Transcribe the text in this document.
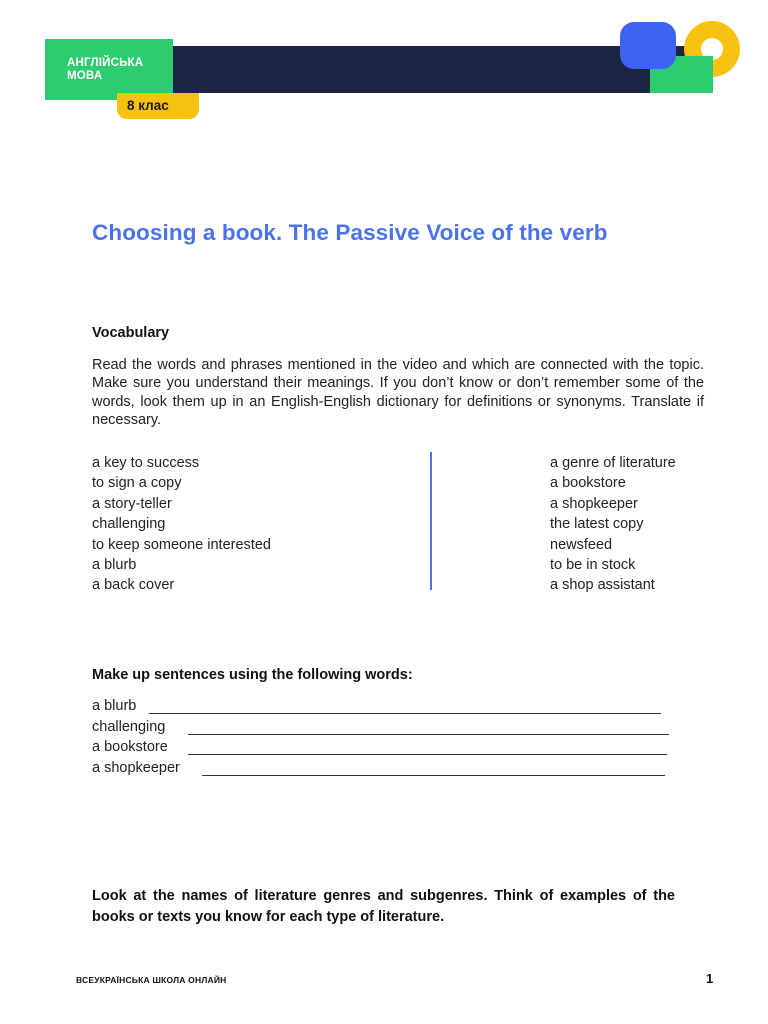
АНГЛІЙСЬКА
МОВА
8 клас
Choosing a book. The Passive Voice of the verb
Vocabulary

Read the words and phrases mentioned in the video and which are connected with the topic. Make sure you understand their meanings. If you don’t know or don’t remember some of the words, look them up in an English-English dictionary for definitions or synonyms. Translate if necessary.

a key to success
to sign a copy
a story-teller
challenging
to keep someone interested
a blurb
a back cover
a genre of literature
a bookstore
a shopkeeper
the latest copy
newsfeed
to be in stock
a shop assistant
Make up sentences using the following words:
a blurb
challenging
a bookstore
a shopkeeper

Look at the names of literature genres and subgenres. Think of examples of the books or texts you know for each type of literature.

ВСЕУКРАЇНСЬКА ШКОЛА ОНЛАЙН	1
